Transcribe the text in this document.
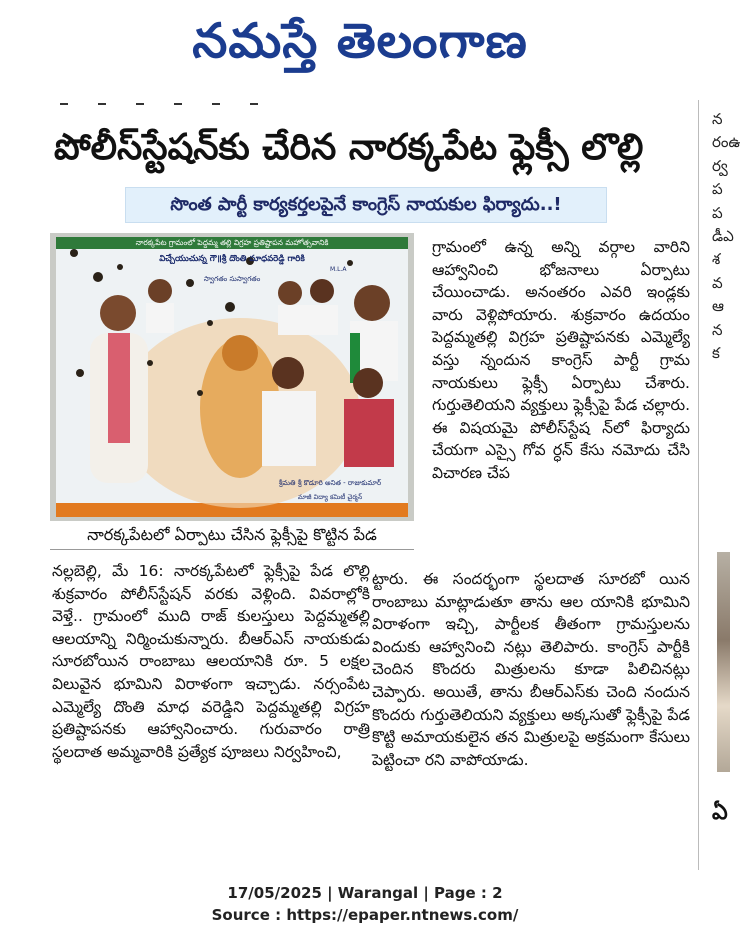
నమస్తే తెలంగాణ
పోలీస్‌స్టేషన్‌కు చేరిన నారక్కపేట ఫ్లెక్సీ లొల్లి
సొంత పార్టీ కార్యకర్తలపైనే కాంగ్రెస్ నాయకుల ఫిర్యాదు..!
నారక్కపేట గ్రామంలో పెద్దమ్మ తల్లి విగ్రహ ప్రతిష్టాపన మహోత్సవానికి
విచ్చేయుచున్న గౌ॥శ్రీ దొంతి మాధవరెడ్డి గారికి
M.L.A
స్వాగతం సుస్వాగతం
శ్రీమతి శ్రీ కొడూరి అనిత - రాజుకుమార్
మాజీ విద్యా కమిటీ చైర్మన్
నారక్కపేటలో ఏర్పాటు చేసిన ఫ్లెక్సీపై కొట్టిన పేడ

గ్రామంలో ఉన్న అన్ని వర్గాల వారిని ఆహ్వానించి భోజనాలు ఏర్పాటు చేయించాడు. అనంతరం ఎవరి ఇండ్లకు వారు వెళ్లిపోయారు. శుక్రవారం ఉదయం పెద్దమ్మతల్లి విగ్రహ ప్రతిష్టాపనకు ఎమ్మెల్యే వస్తు న్నందున కాంగ్రెస్ పార్టీ గ్రామ నాయకులు ఫ్లెక్సీ ఏర్పాటు చేశారు. గుర్తుతెలియని వ్యక్తులు ఫ్లెక్సీపై పేడ చల్లారు. ఈ విషయమై పోలీస్‌స్టేష న్‌లో ఫిర్యాదు చేయగా ఎస్సై గోవ ర్ధన్ కేసు నమోదు చేసి విచారణ చేప

నల్లబెల్లి, మే 16: నారక్కపేటలో ఫ్లెక్సీపై పేడ లొల్లి శుక్రవారం పోలీస్‌స్టేషన్ వరకు వెళ్లింది. వివరాల్లోకి వెళ్తే.. గ్రామంలో ముది రాజ్ కులస్తులు పెద్దమ్మతల్లి ఆలయాన్ని నిర్మించుకున్నారు. బీఆర్‌ఎస్ నాయకుడు సూరబోయిన రాంబాబు ఆలయానికి రూ. 5 లక్షల విలువైన భూమిని విరాళంగా ఇచ్చాడు. నర్సంపేట ఎమ్మెల్యే దొంతి మాధ వరెడ్డిని పెద్దమ్మతల్లి విగ్రహ ప్రతిష్టాపనకు ఆహ్వానించారు. గురువారం రాత్రి స్థలదాత అమ్మవారికి ప్రత్యేక పూజలు నిర్వహించి,

ట్టారు. ఈ సందర్భంగా స్థలదాత సూరబో యిన రాంబాబు మాట్లాడుతూ తాను ఆల యానికి భూమిని విరాళంగా ఇచ్చి, పార్టీలక తీతంగా గ్రామస్తులను విందుకు ఆహ్వానించి నట్లు తెలిపారు. కాంగ్రెస్ పార్టీకి చెందిన కొందరు మిత్రులను కూడా పిలిచినట్లు చెప్పారు. అయితే, తాను బీఆర్‌ఎస్‌కు చెంది నందున కొందరు గుర్తుతెలియని వ్యక్తులు అక్కసుతో ఫ్లెక్సీపై పేడ కొట్టి అమాయకులైన తన మిత్రులపై అక్రమంగా కేసులు పెట్టించా రని వాపోయాడు.

నరంఉర్వపపడీఎశవఆనక
ఏ
17/05/2025 | Warangal | Page : 2
Source : https://epaper.ntnews.com/
